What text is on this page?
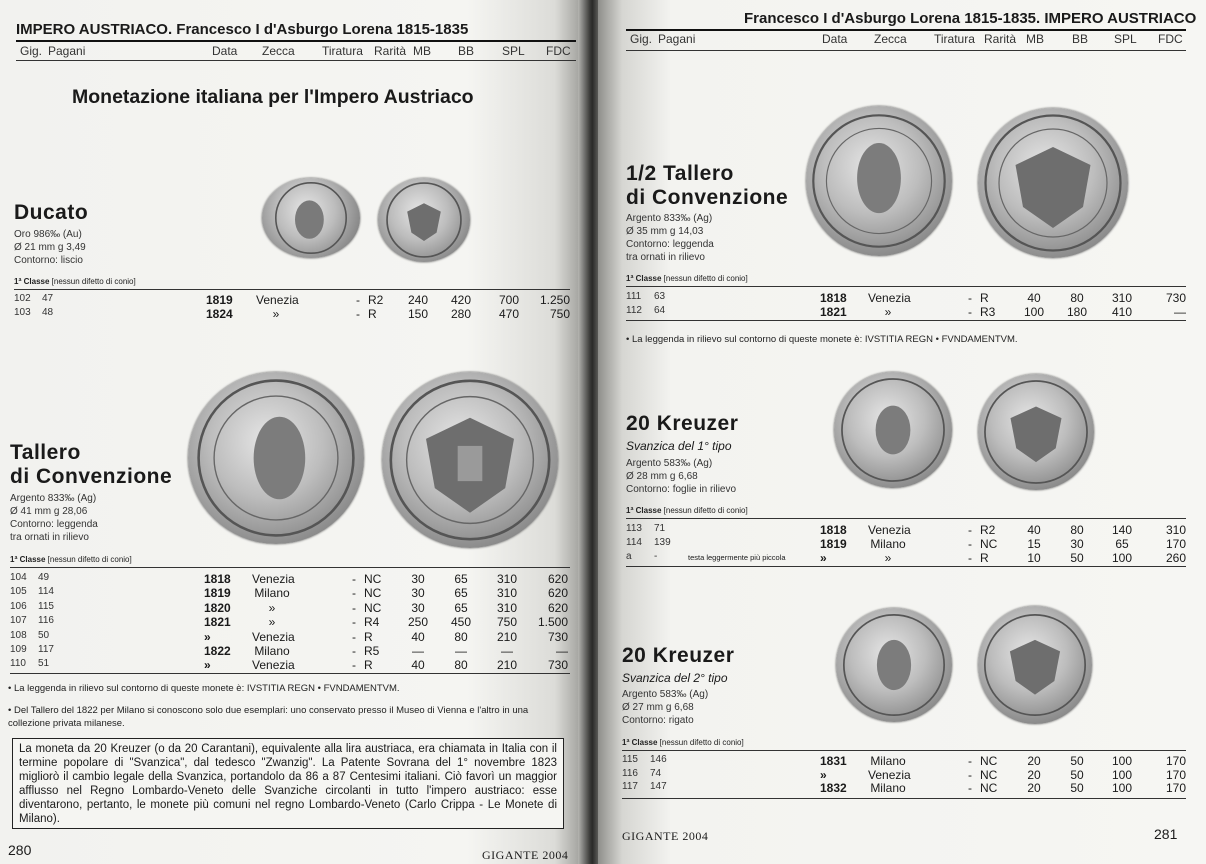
IMPERO AUSTRIACO. Francesco I d'Asburgo Lorena 1815-1835
Gig. Pagani	Data Zecca Tiratura Rarità MB BB SPL FDC
Monetazione italiana per l'Impero Austriaco
Ducato
Oro 986‰ (Au)
Ø 21 mm g 3,49
Contorno: liscio
1ª Classe [nessun difetto di conio]
102 47	1819 Venezia	- R2	240	420	700	1.250
103 48	1824	»	- R	150	280	470	750
Tallero
di Convenzione
Argento 833‰ (Ag)
Ø 41 mm g 28,06
Contorno: leggenda
tra ornati in rilievo
1ª Classe [nessun difetto di conio]
104 49	1818 Venezia	- NC	30	65	310	620
105 114	1819 Milano	- NC	30	65	310	620
106 115	1820	»	- NC	30	65	310	620
107 116	1821	»	- R4	250	450	750	1.500
108 50	»	Venezia	- R	40	80	210	730
109 117	1822 Milano	- R5	—	—	—	—
110 51	»	Venezia	- R	40	80	210	730
• La leggenda in rilievo sul contorno di queste monete è: IVSTITIA REGN • FVNDAMENTVM.
• Del Tallero del 1822 per Milano si conoscono solo due esemplari: uno conservato presso il Museo di Vienna e l'altro in una collezione privata milanese.
La moneta da 20 Kreuzer (o da 20 Carantani), equivalente alla lira austriaca, era chiamata in Italia con il termine popolare di "Svanzica", dal tedesco "Zwanzig". La Patente Sovrana del 1° novembre 1823 migliorò il cambio legale della Svanzica, portandolo da 86 a 87 Centesimi italiani. Ciò favorì un maggior afflusso nel Regno Lombardo-Veneto delle Svanziche circolanti in tutto l'impero austriaco: esse diventarono, pertanto, le monete più comuni nel regno Lombardo-Veneto (Carlo Crippa - Le Monete di Milano).
280	GIGANTE 2004
Francesco I d'Asburgo Lorena 1815-1835. IMPERO AUSTRIACO
Gig. Pagani	Data Zecca Tiratura Rarità MB BB SPL FDC
1/2 Tallero
di Convenzione
Argento 833‰ (Ag)
Ø 35 mm g 14,03
Contorno: leggenda
tra ornati in rilievo
1ª Classe [nessun difetto di conio]
111 63	1818 Venezia	- R	40	80	310	730
112 64	1821	»	- R3	100	180	410	—
• La leggenda in rilievo sul contorno di queste monete è: IVSTITIA REGN • FVNDAMENTVM.
20 Kreuzer
Svanzica del 1° tipo
Argento 583‰ (Ag)
Ø 28 mm g 6,68
Contorno: foglie in rilievo
1ª Classe [nessun difetto di conio]
113 71	1818 Venezia	- R2	40	80	140	310
114 139	1819 Milano	- NC	15	30	65	170
a -	testa leggermente più piccola	»	»	- R	10	50	100	260
20 Kreuzer
Svanzica del 2° tipo
Argento 583‰ (Ag)
Ø 27 mm g 6,68
Contorno: rigato
1ª Classe [nessun difetto di conio]
115 146	1831 Milano	- NC	20	50	100	170
116 74	»	Venezia	- NC	20	50	100	170
117 147	1832 Milano	- NC	20	50	100	170
GIGANTE 2004	281
